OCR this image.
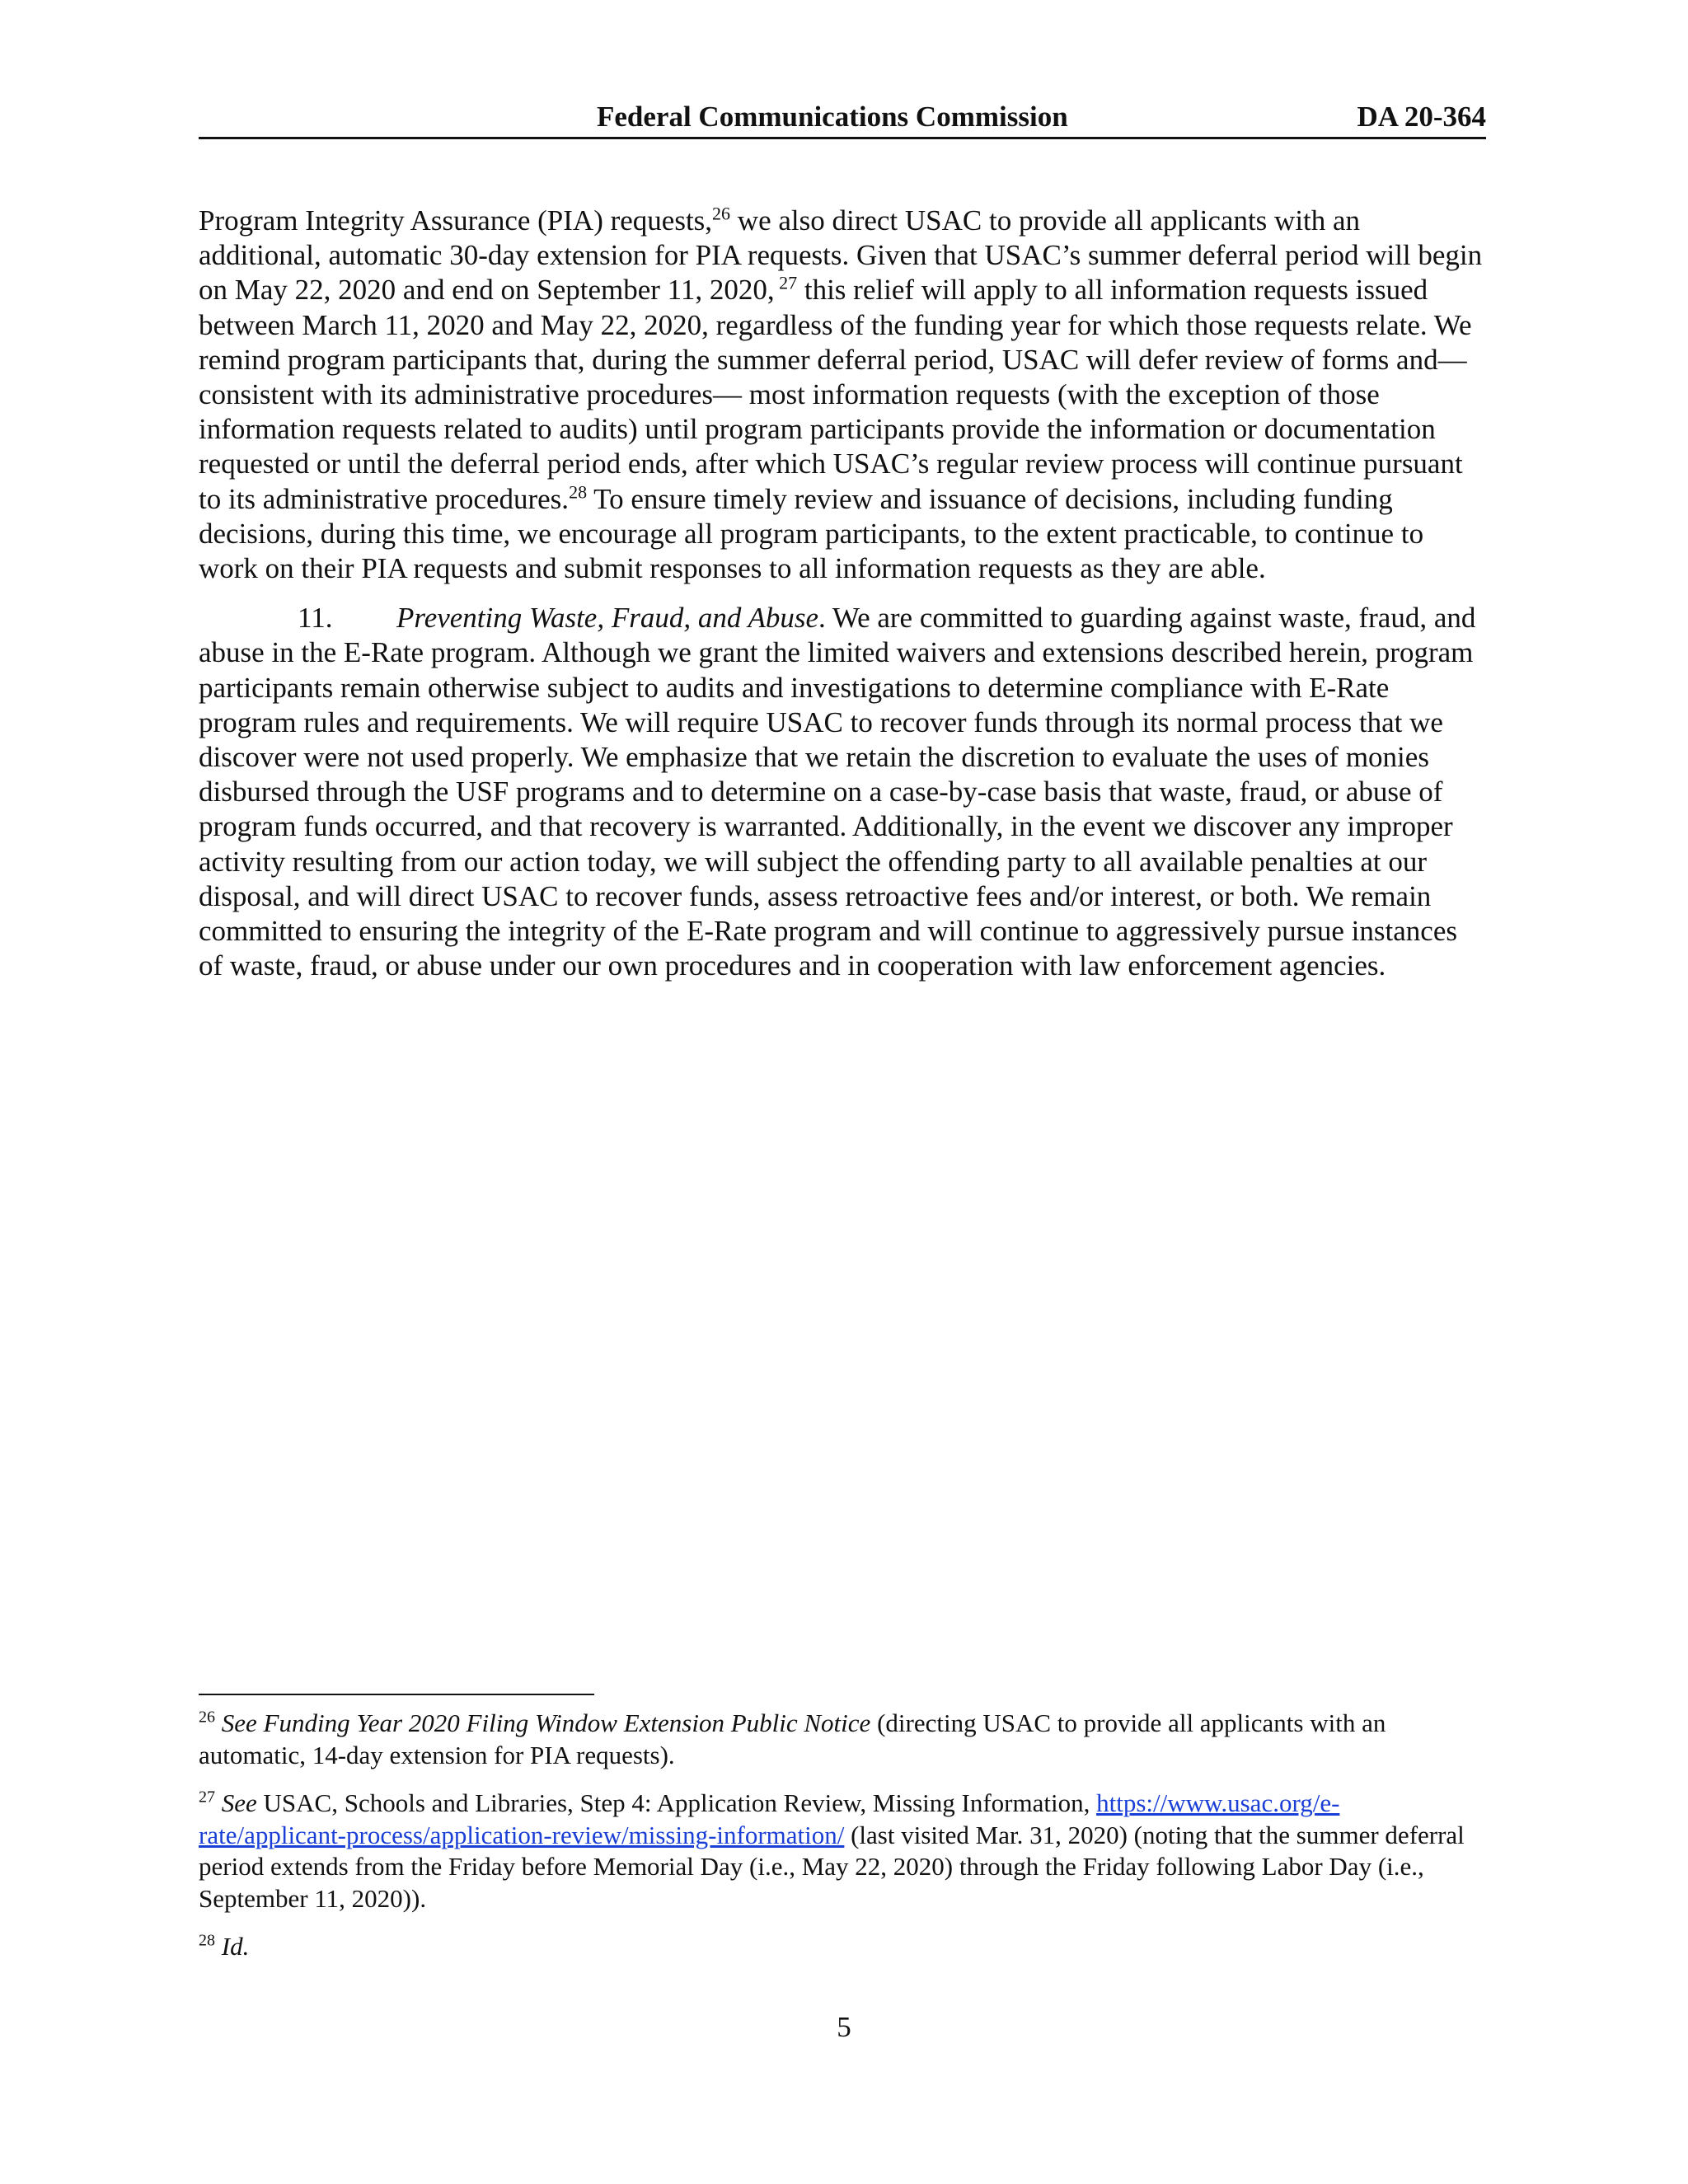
Federal Communications Commission	DA 20-364

Program Integrity Assurance (PIA) requests,$^{26}$ we also direct USAC to provide all applicants with an additional, automatic 30-day extension for PIA requests. Given that USAC’s summer deferral period will begin on May 22, 2020 and end on September 11, 2020, $^{27}$ this relief will apply to all information requests issued between March 11, 2020 and May 22, 2020, regardless of the funding year for which those requests relate. We remind program participants that, during the summer deferral period, USAC will defer review of forms and—consistent with its administrative procedures— most information requests (with the exception of those information requests related to audits) until program participants provide the information or documentation requested or until the deferral period ends, after which USAC’s regular review process will continue pursuant to its administrative procedures.$^{28}$ To ensure timely review and issuance of decisions, including funding decisions, during this time, we encourage all program participants, to the extent practicable, to continue to work on their PIA requests and submit responses to all information requests as they are able.

11. Preventing Waste, Fraud, and Abuse. We are committed to guarding against waste, fraud, and abuse in the E-Rate program. Although we grant the limited waivers and extensions described herein, program participants remain otherwise subject to audits and investigations to determine compliance with E-Rate program rules and requirements. We will require USAC to recover funds through its normal process that we discover were not used properly. We emphasize that we retain the discretion to evaluate the uses of monies disbursed through the USF programs and to determine on a case-by-case basis that waste, fraud, or abuse of program funds occurred, and that recovery is warranted. Additionally, in the event we discover any improper activity resulting from our action today, we will subject the offending party to all available penalties at our disposal, and will direct USAC to recover funds, assess retroactive fees and/or interest, or both. We remain committed to ensuring the integrity of the E-Rate program and will continue to aggressively pursue instances of waste, fraud, or abuse under our own procedures and in cooperation with law enforcement agencies.

$^{26}$ See Funding Year 2020 Filing Window Extension Public Notice (directing USAC to provide all applicants with an automatic, 14-day extension for PIA requests).

$^{27}$ See USAC, Schools and Libraries, Step 4: Application Review, Missing Information, https://www.usac.org/e-rate/applicant-process/application-review/missing-information/ (last visited Mar. 31, 2020) (noting that the summer deferral period extends from the Friday before Memorial Day (i.e., May 22, 2020) through the Friday following Labor Day (i.e., September 11, 2020)).

$^{28}$ Id.

5
